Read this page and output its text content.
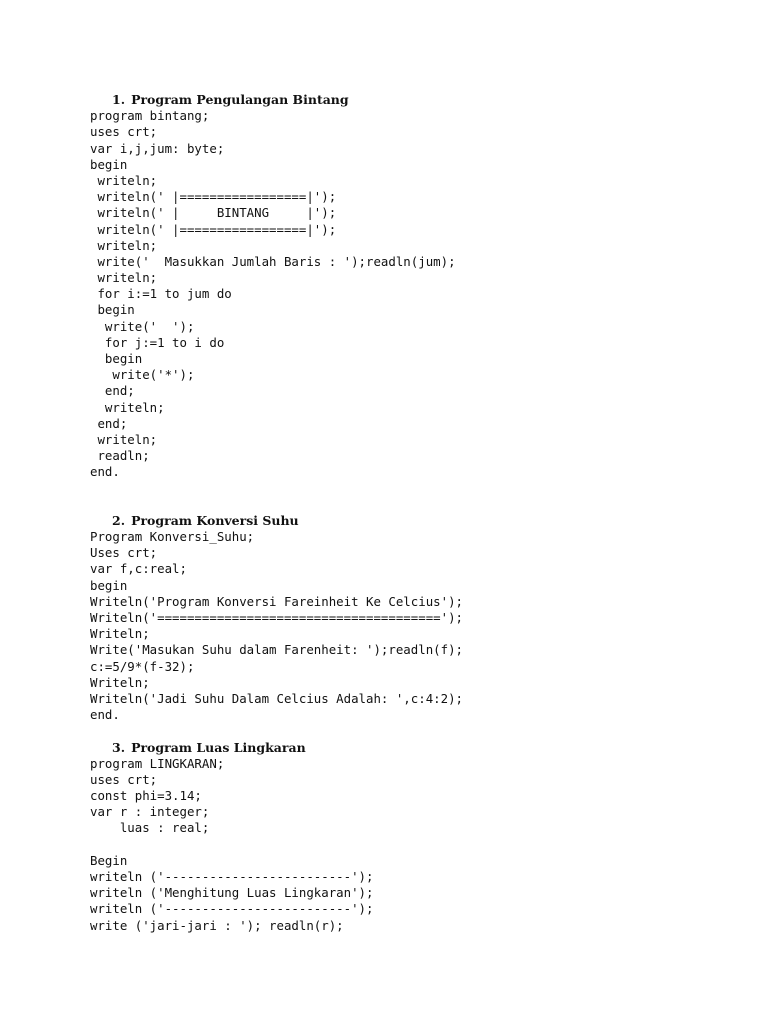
1. Program Pengulangan Bintang
program bintang;
uses crt;
var i,j,jum: byte;
begin
writeln;
writeln(' |=================|');
writeln(' |     BINTANG     |');
writeln(' |=================|');
writeln;
write('  Masukkan Jumlah Baris : ');readln(jum);
writeln;
for i:=1 to jum do
begin
write('  ');
for j:=1 to i do
begin
write('*');
end;
writeln;
end;
writeln;
readln;
end.
2. Program Konversi Suhu
Program Konversi_Suhu;
Uses crt;
var f,c:real;
begin
Writeln('Program Konversi Fareinheit Ke Celcius');
Writeln('======================================');
Writeln;
Write('Masukan Suhu dalam Farenheit: ');readln(f);
c:=5/9*(f-32);
Writeln;
Writeln('Jadi Suhu Dalam Celcius Adalah: ',c:4:2);
end.
3. Program Luas Lingkaran
program LINGKARAN;
uses crt;
const phi=3.14;
var r : integer;
luas : real;
Begin
writeln ('-------------------------');
writeln ('Menghitung Luas Lingkaran');
writeln ('-------------------------');
write ('jari-jari : '); readln(r);
